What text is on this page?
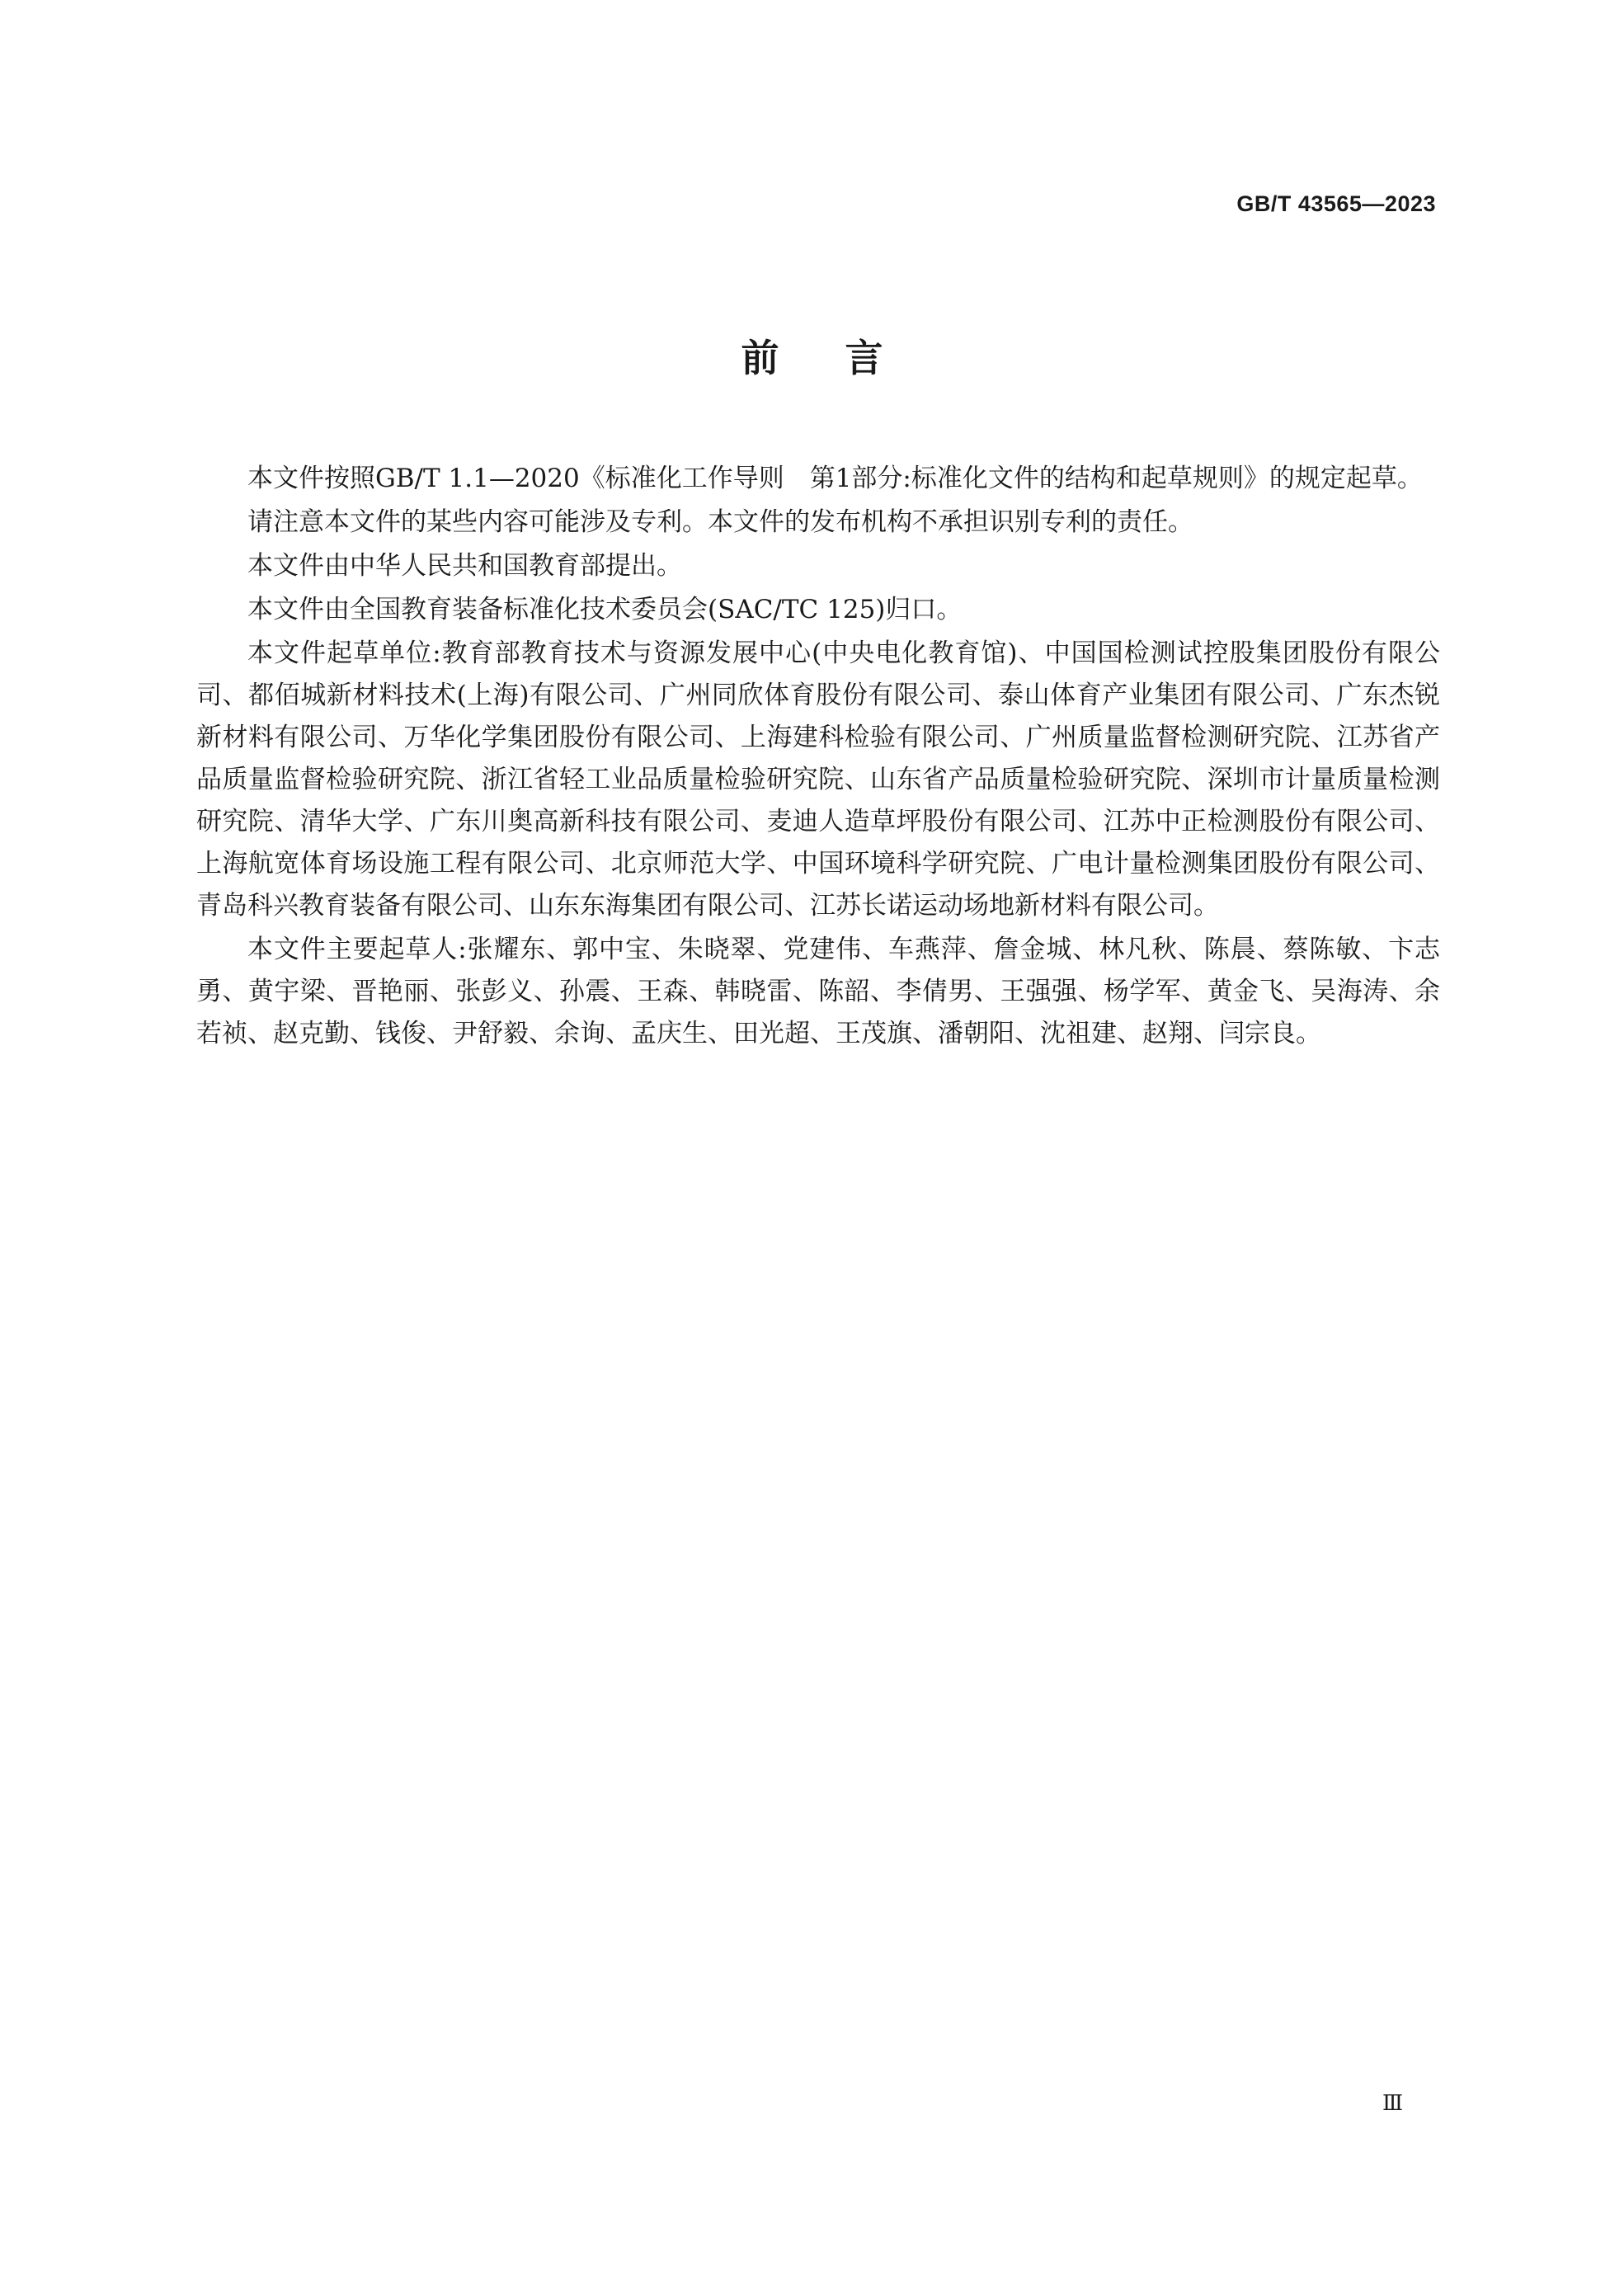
GB/T 43565—2023
前言

本文件按照GB/T 1.1—2020《标准化工作导则　第1部分:标准化文件的结构和起草规则》的规定起草。

请注意本文件的某些内容可能涉及专利。本文件的发布机构不承担识别专利的责任。

本文件由中华人民共和国教育部提出。

本文件由全国教育装备标准化技术委员会(SAC/TC 125)归口。

本文件起草单位:教育部教育技术与资源发展中心(中央电化教育馆)、中国国检测试控股集团股份有限公司、都佰城新材料技术(上海)有限公司、广州同欣体育股份有限公司、泰山体育产业集团有限公司、广东杰锐新材料有限公司、万华化学集团股份有限公司、上海建科检验有限公司、广州质量监督检测研究院、江苏省产品质量监督检验研究院、浙江省轻工业品质量检验研究院、山东省产品质量检验研究院、深圳市计量质量检测研究院、清华大学、广东川奥高新科技有限公司、麦迪人造草坪股份有限公司、江苏中正检测股份有限公司、上海航宽体育场设施工程有限公司、北京师范大学、中国环境科学研究院、广电计量检测集团股份有限公司、青岛科兴教育装备有限公司、山东东海集团有限公司、江苏长诺运动场地新材料有限公司。

本文件主要起草人:张耀东、郭中宝、朱晓翠、党建伟、车燕萍、詹金城、林凡秋、陈晨、蔡陈敏、卞志勇、黄宇梁、晋艳丽、张彭义、孙震、王森、韩晓雷、陈韶、李倩男、王强强、杨学军、黄金飞、吴海涛、余若祯、赵克勤、钱俊、尹舒毅、余询、孟庆生、田光超、王茂旗、潘朝阳、沈祖建、赵翔、闫宗良。

Ⅲ
